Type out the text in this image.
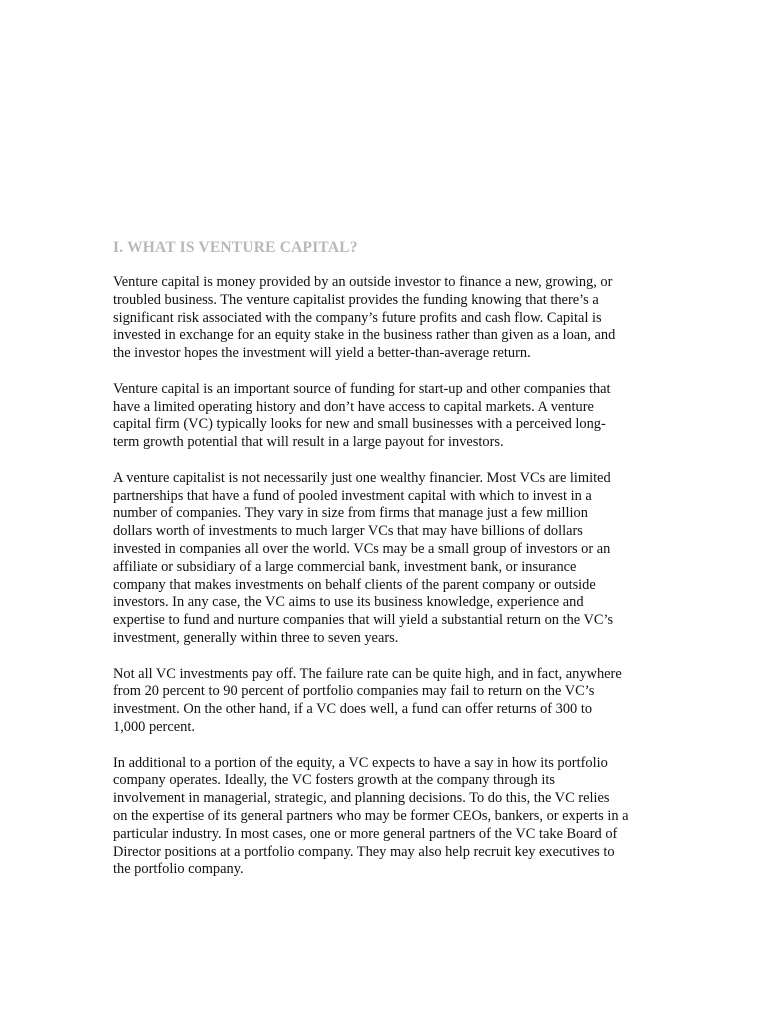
I. WHAT IS VENTURE CAPITAL?
Venture capital is money provided by an outside investor to finance a new, growing, or
troubled business. The venture capitalist provides the funding knowing that there’s a
significant risk associated with the company’s future profits and cash flow. Capital is
invested in exchange for an equity stake in the business rather than given as a loan, and
the investor hopes the investment will yield a better-than-average return.
Venture capital is an important source of funding for start-up and other companies that
have a limited operating history and don’t have access to capital markets. A venture
capital firm (VC) typically looks for new and small businesses with a perceived long-
term growth potential that will result in a large payout for investors.
A venture capitalist is not necessarily just one wealthy financier. Most VCs are limited
partnerships that have a fund of pooled investment capital with which to invest in a
number of companies. They vary in size from firms that manage just a few million
dollars worth of investments to much larger VCs that may have billions of dollars
invested in companies all over the world. VCs may be a small group of investors or an
affiliate or subsidiary of a large commercial bank, investment bank, or insurance
company that makes investments on behalf clients of the parent company or outside
investors. In any case, the VC aims to use its business knowledge, experience and
expertise to fund and nurture companies that will yield a substantial return on the VC’s
investment, generally within three to seven years.
Not all VC investments pay off. The failure rate can be quite high, and in fact, anywhere
from 20 percent to 90 percent of portfolio companies may fail to return on the VC’s
investment. On the other hand, if a VC does well, a fund can offer returns of 300 to
1,000 percent.
In additional to a portion of the equity, a VC expects to have a say in how its portfolio
company operates. Ideally, the VC fosters growth at the company through its
involvement in managerial, strategic, and planning decisions. To do this, the VC relies
on the expertise of its general partners who may be former CEOs, bankers, or experts in a
particular industry. In most cases, one or more general partners of the VC take Board of
Director positions at a portfolio company. They may also help recruit key executives to
the portfolio company.
